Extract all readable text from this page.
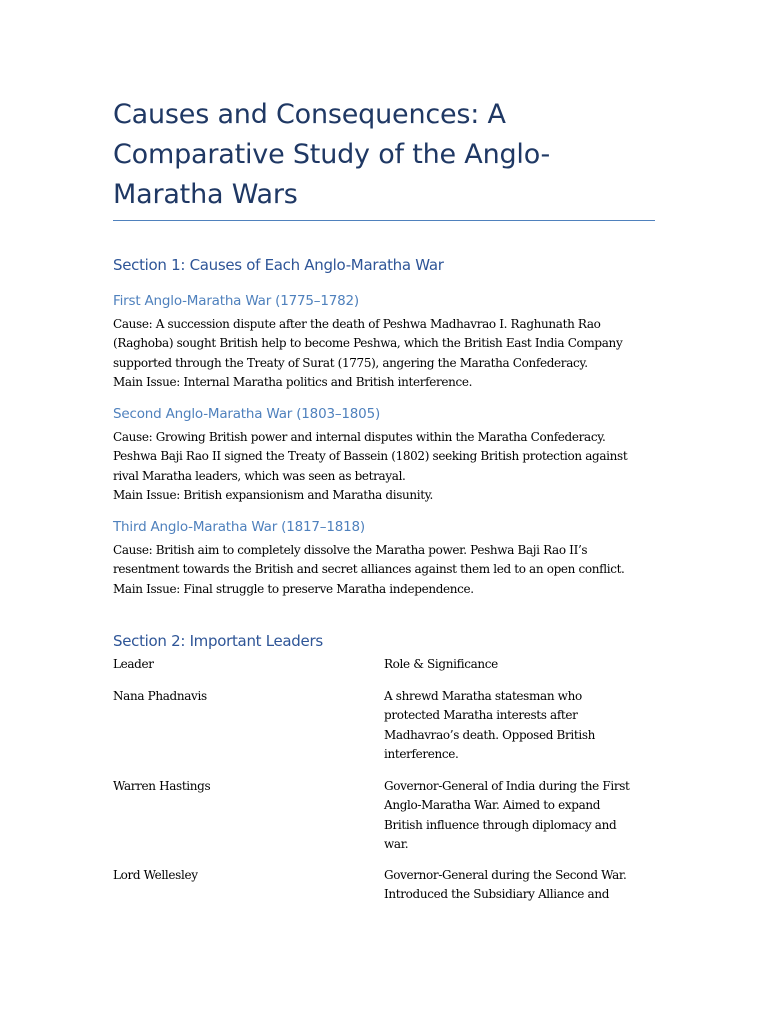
Causes and Consequences: A
Comparative Study of the Anglo-
Maratha Wars
Section 1: Causes of Each Anglo-Maratha War
First Anglo-Maratha War (1775–1782)
Cause: A succession dispute after the death of Peshwa Madhavrao I. Raghunath Rao
(Raghoba) sought British help to become Peshwa, which the British East India Company
supported through the Treaty of Surat (1775), angering the Maratha Confederacy.
Main Issue: Internal Maratha politics and British interference.
Second Anglo-Maratha War (1803–1805)
Cause: Growing British power and internal disputes within the Maratha Confederacy.
Peshwa Baji Rao II signed the Treaty of Bassein (1802) seeking British protection against
rival Maratha leaders, which was seen as betrayal.
Main Issue: British expansionism and Maratha disunity.
Third Anglo-Maratha War (1817–1818)
Cause: British aim to completely dissolve the Maratha power. Peshwa Baji Rao II’s
resentment towards the British and secret alliances against them led to an open conflict.
Main Issue: Final struggle to preserve Maratha independence.
Section 2: Important Leaders
Leader	Role & Significance
Nana Phadnavis	A shrewd Maratha statesman who
protected Maratha interests after
Madhavrao’s death. Opposed British
interference.
Warren Hastings	Governor-General of India during the First
Anglo-Maratha War. Aimed to expand
British influence through diplomacy and
war.
Lord Wellesley	Governor-General during the Second War.
Introduced the Subsidiary Alliance and
